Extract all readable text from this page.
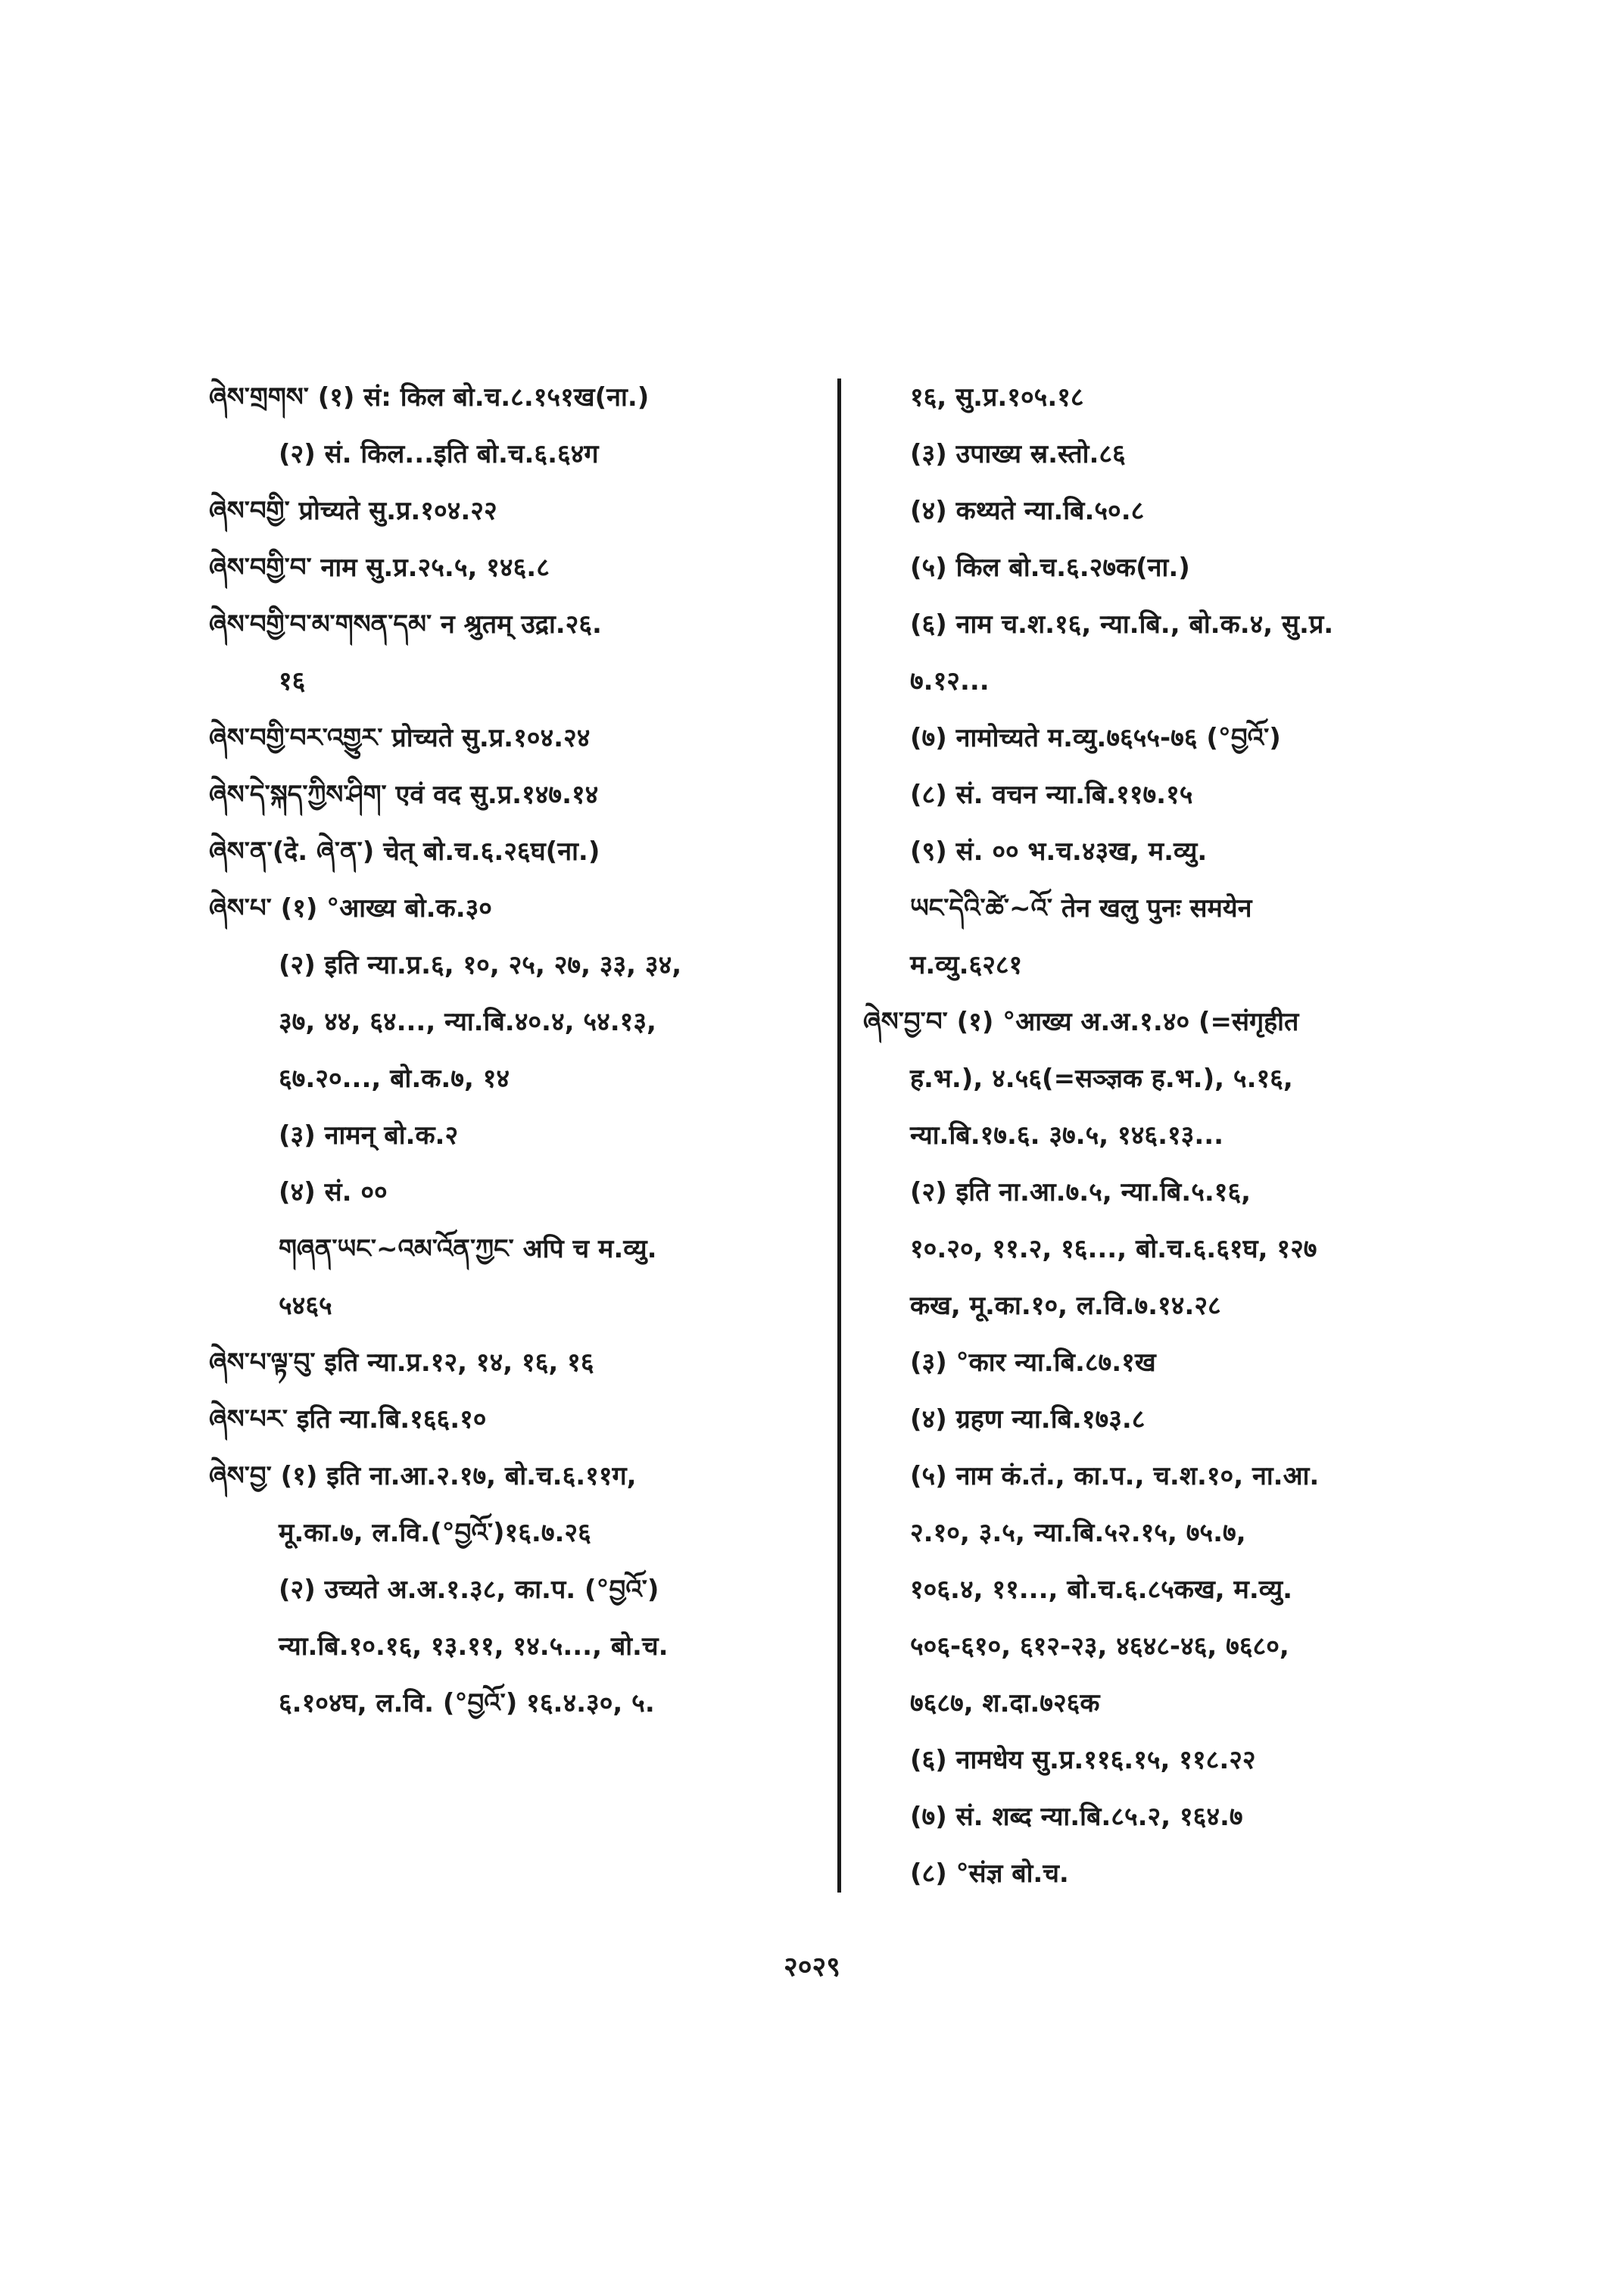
ཞེས་གྲགས་ (१) सं: किल बो.च.८.१५१ख(ना.)
(२) सं. किल...इति बो.च.६.६४ग
ཞེས་བགྱི་ प्रोच्यते सु.प्र.१०४.२२
ཞེས་བགྱི་བ་ नाम सु.प्र.२५.५, १४६.८
ཞེས་བགྱི་བ་མ་གསན་དམ་ न श्रुतम् उद्रा.२६.
१६
ཞེས་བགྱི་བར་འགྱུར་ प्रोच्यते सु.प्र.१०४.२४
ཞེས་དེ་སྐད་ཀྱིས་ཤིག་ एवं वद सु.प्र.१४७.१४
ཞེས་ན་(दे. ཞེ་ན་) चेत् बो.च.६.२६घ(ना.)
ཞེས་པ་ (१) °आख्य बो.क.३०
(२) इति न्या.प्र.६, १०, २५, २७, ३३, ३४,
३७, ४४, ६४..., न्या.बि.४०.४, ५४.१३,
६७.२०..., बो.क.७, १४
(३) नामन् बो.क.२
(४) सं. ००
གཞན་ཡང་~འམ་འོན་ཀྱང་ अपि च म.व्यु.
५४६५
ཞེས་པ་ལྟ་བུ་ इति न्या.प्र.१२, १४, १६, १६
ཞེས་པར་ इति न्या.बि.१६६.१०
ཞེས་བྱ་ (१) इति ना.आ.२.१७, बो.च.६.११ग,
मू.का.७, ल.वि.(°བྱའོ་)१६.७.२६
(२) उच्यते अ.अ.१.३८, का.प. (°བྱའོ་)
न्या.बि.१०.१६, १३.११, १४.५..., बो.च.
६.१०४घ, ल.वि. (°བྱའོ་) १६.४.३०, ५.
१६, सु.प्र.१०५.१८
(३) उपाख्य स्र.स्तो.८६
(४) कथ्यते न्या.बि.५०.८
(५) किल बो.च.६.२७क(ना.)
(६) नाम च.श.१६, न्या.बि., बो.क.४, सु.प्र.
७.१२...
(७) नामोच्यते म.व्यु.७६५५-७६ (°བྱའོ་)
(८) सं. वचन न्या.बि.११७.१५
(९) सं. ०० भ.च.४३ख, म.व्यु.
ཡང་དེའི་ཚེ་~འོ་ तेन खलु पुनः समयेन
म.व्यु.६२८१
ཞེས་བྱ་བ་ (१) °आख्य अ.अ.१.४० (=संगृहीत
ह.भ.), ४.५६(=सञ्ज्ञक ह.भ.), ५.१६,
न्या.बि.१७.६. ३७.५, १४६.१३...
(२) इति ना.आ.७.५, न्या.बि.५.१६,
१०.२०, ११.२, १६..., बो.च.६.६१घ, १२७
कख, मू.का.१०, ल.वि.७.१४.२८
(३) °कार न्या.बि.८७.१ख
(४) ग्रहण न्या.बि.१७३.८
(५) नाम कं.तं., का.प., च.श.१०, ना.आ.
२.१०, ३.५, न्या.बि.५२.१५, ७५.७,
१०६.४, ११..., बो.च.६.८५कख, म.व्यु.
५०६-६१०, ६१२-२३, ४६४८-४६, ७६८०,
७६८७, श.दा.७२६क
(६) नामधेय सु.प्र.११६.१५, ११८.२२
(७) सं. शब्द न्या.बि.८५.२, १६४.७
(८) °संज्ञ बो.च.
२०२९
